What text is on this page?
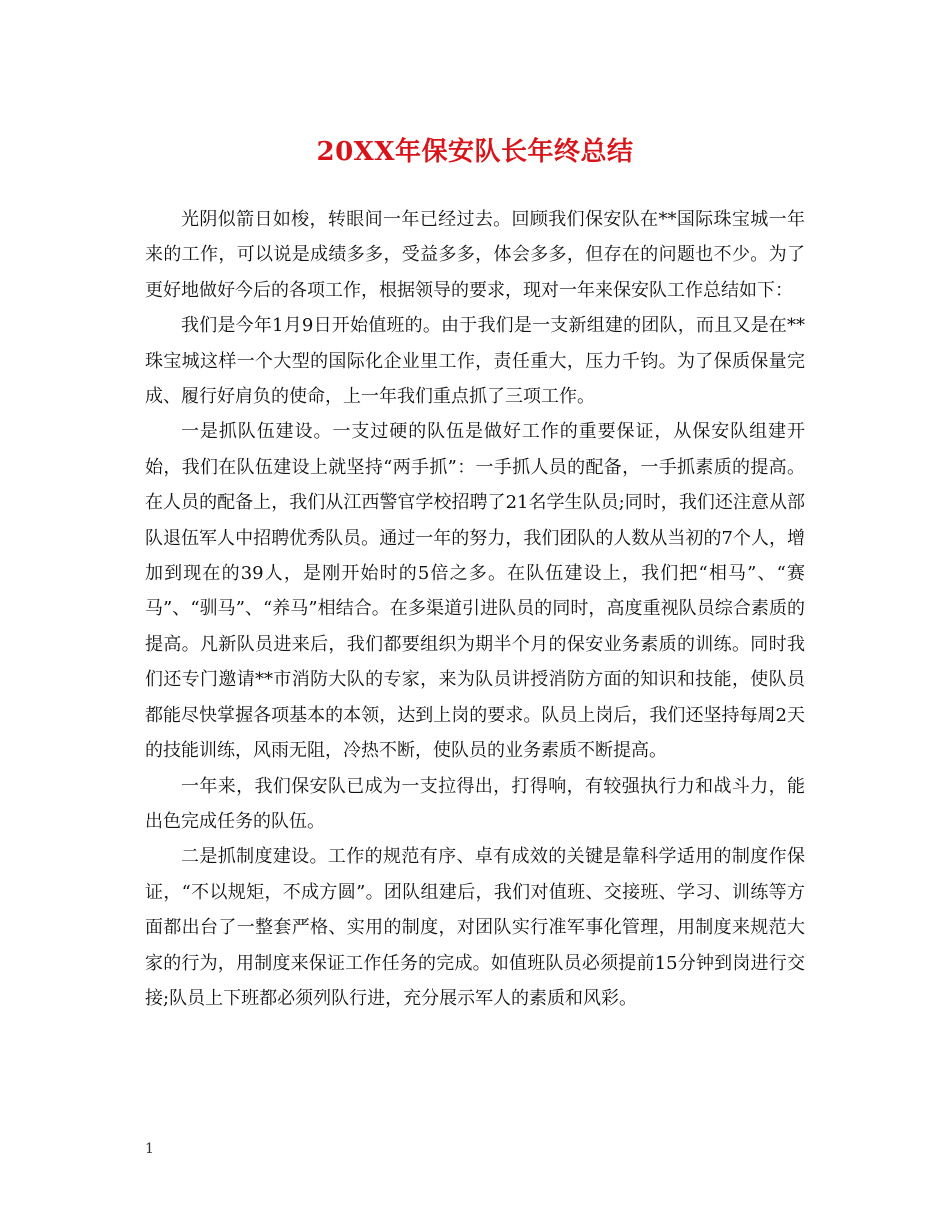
20XX年保安队长年终总结

光阴似箭日如梭，转眼间一年已经过去。回顾我们保安队在**国际珠宝城一年来的工作，可以说是成绩多多，受益多多，体会多多，但存在的问题也不少。为了更好地做好今后的各项工作，根据领导的要求，现对一年来保安队工作总结如下：

我们是今年1月9日开始值班的。由于我们是一支新组建的团队，而且又是在**珠宝城这样一个大型的国际化企业里工作，责任重大，压力千钧。为了保质保量完成、履行好肩负的使命，上一年我们重点抓了三项工作。

一是抓队伍建设。一支过硬的队伍是做好工作的重要保证，从保安队组建开始，我们在队伍建设上就坚持“两手抓”：一手抓人员的配备，一手抓素质的提高。在人员的配备上，我们从江西警官学校招聘了21名学生队员;同时，我们还注意从部队退伍军人中招聘优秀队员。通过一年的努力，我们团队的人数从当初的7个人，增加到现在的39人，是刚开始时的5倍之多。在队伍建设上，我们把“相马”、“赛马”、“驯马”、“养马”相结合。在多渠道引进队员的同时，高度重视队员综合素质的提高。凡新队员进来后，我们都要组织为期半个月的保安业务素质的训练。同时我们还专门邀请**市消防大队的专家，来为队员讲授消防方面的知识和技能，使队员都能尽快掌握各项基本的本领，达到上岗的要求。队员上岗后，我们还坚持每周2天的技能训练，风雨无阻，冷热不断，使队员的业务素质不断提高。

一年来，我们保安队已成为一支拉得出，打得响，有较强执行力和战斗力，能出色完成任务的队伍。

二是抓制度建设。工作的规范有序、卓有成效的关键是靠科学适用的制度作保证，“不以规矩，不成方圆”。团队组建后，我们对值班、交接班、学习、训练等方面都出台了一整套严格、实用的制度，对团队实行准军事化管理，用制度来规范大家的行为，用制度来保证工作任务的完成。如值班队员必须提前15分钟到岗进行交接;队员上下班都必须列队行进，充分展示军人的素质和风彩。

1
